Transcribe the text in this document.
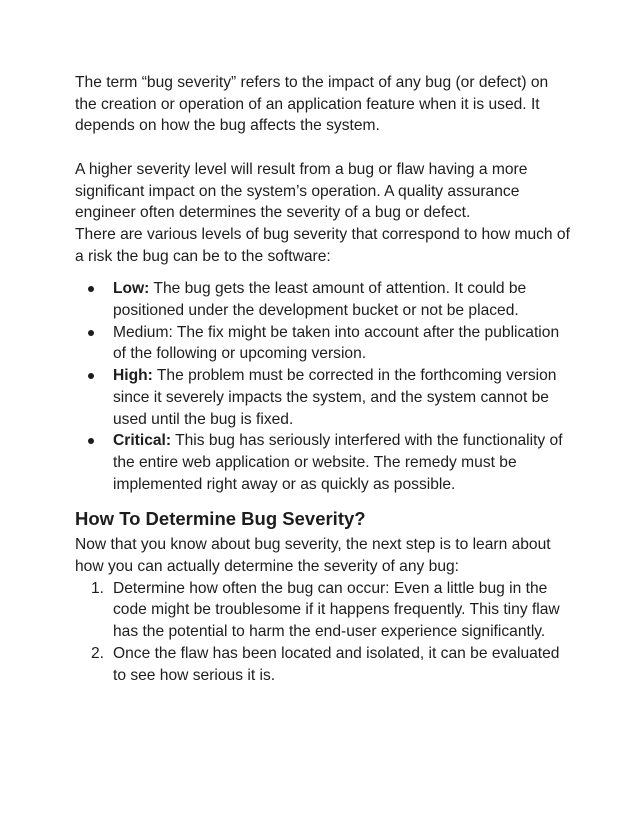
The term “bug severity” refers to the impact of any bug (or defect) on the creation or operation of an application feature when it is used. It depends on how the bug affects the system.

A higher severity level will result from a bug or flaw having a more significant impact on the system’s operation. A quality assurance engineer often determines the severity of a bug or defect.

There are various levels of bug severity that correspond to how much of a risk the bug can be to the software:

Low: The bug gets the least amount of attention. It could be positioned under the development bucket or not be placed.
Medium: The fix might be taken into account after the publication of the following or upcoming version.
High: The problem must be corrected in the forthcoming version since it severely impacts the system, and the system cannot be used until the bug is fixed.
Critical: This bug has seriously interfered with the functionality of the entire web application or website. The remedy must be implemented right away or as quickly as possible.
How To Determine Bug Severity?

Now that you know about bug severity, the next step is to learn about how you can actually determine the severity of any bug:

1. Determine how often the bug can occur: Even a little bug in the code might be troublesome if it happens frequently. This tiny flaw has the potential to harm the end-user experience significantly.
2. Once the flaw has been located and isolated, it can be evaluated to see how serious it is.
